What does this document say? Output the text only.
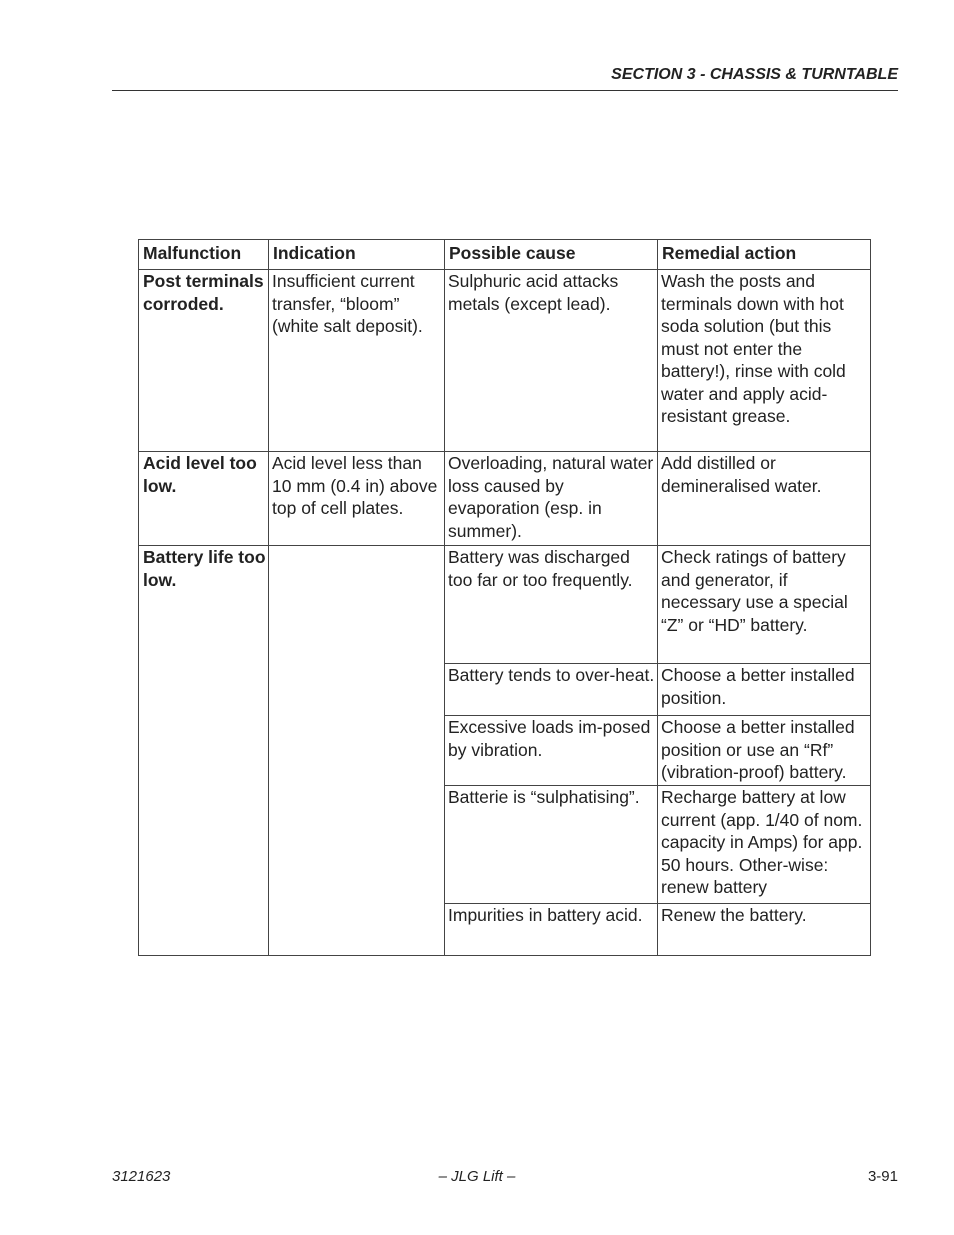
SECTION 3 - CHASSIS & TURNTABLE
Malfunction	Indication	Possible cause	Remedial action
Post terminals corroded.	Insufficient current transfer, “bloom” (white salt deposit).	Sulphuric acid attacks metals (except lead).	Wash the posts and terminals down with hot soda solution (but this must not enter the battery!), rinse with cold water and apply acid-resistant grease.
Acid level too low.	Acid level less than 10 mm (0.4 in) above top of cell plates.	Overloading, natural water loss caused by evaporation (esp. in summer).	Add distilled or demineralised water.
Battery life too low.		Battery was discharged too far or too frequently.	Check ratings of battery and generator, if necessary use a special “Z” or “HD” battery.
		Battery tends to over-heat.	Choose a better installed position.
		Excessive loads im-posed by vibration.	Choose a better installed position or use an “Rf” (vibration-proof) battery.
		Batterie is “sulphatising”.	Recharge battery at low current (app. 1/40 of nom. capacity in Amps) for app. 50 hours. Other-wise: renew battery
		Impurities in battery acid.	Renew the battery.
3121623	– JLG Lift –	3-91
